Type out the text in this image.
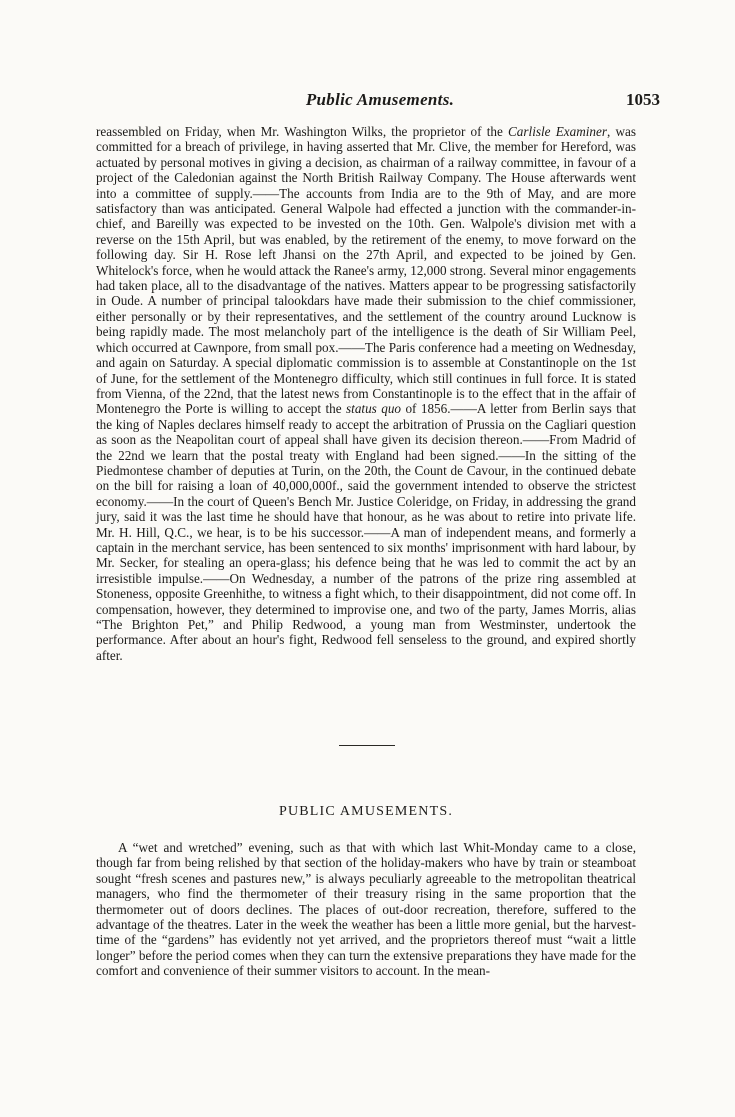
Public Amusements.	1053

reassembled on Friday, when Mr. Washington Wilks, the proprietor of the Carlisle Examiner, was committed for a breach of privilege, in having asserted that Mr. Clive, the member for Hereford, was actuated by personal motives in giving a decision, as chairman of a railway committee, in favour of a project of the Caledonian against the North British Railway Company. The House afterwards went into a committee of supply.——The accounts from India are to the 9th of May, and are more satisfactory than was anticipated. General Walpole had effected a junction with the commander-in-chief, and Bareilly was expected to be invested on the 10th. Gen. Walpole's division met with a reverse on the 15th April, but was enabled, by the retirement of the enemy, to move forward on the following day. Sir H. Rose left Jhansi on the 27th April, and expected to be joined by Gen. Whitelock's force, when he would attack the Ranee's army, 12,000 strong. Several minor engagements had taken place, all to the disadvantage of the natives. Matters appear to be progressing satisfactorily in Oude. A number of principal talookdars have made their submission to the chief commissioner, either personally or by their representatives, and the settlement of the country around Lucknow is being rapidly made. The most melancholy part of the intelligence is the death of Sir William Peel, which occurred at Cawnpore, from small pox.——The Paris conference had a meeting on Wednesday, and again on Saturday. A special diplomatic commission is to assemble at Constantinople on the 1st of June, for the settlement of the Montenegro difficulty, which still continues in full force. It is stated from Vienna, of the 22nd, that the latest news from Constantinople is to the effect that in the affair of Montenegro the Porte is willing to accept the status quo of 1856.——A letter from Berlin says that the king of Naples declares himself ready to accept the arbitration of Prussia on the Cagliari question as soon as the Neapolitan court of appeal shall have given its decision thereon.——From Madrid of the 22nd we learn that the postal treaty with England had been signed.——In the sitting of the Piedmontese chamber of deputies at Turin, on the 20th, the Count de Cavour, in the continued debate on the bill for raising a loan of 40,000,000f., said the government intended to observe the strictest economy.——In the court of Queen's Bench Mr. Justice Coleridge, on Friday, in addressing the grand jury, said it was the last time he should have that honour, as he was about to retire into private life. Mr. H. Hill, Q.C., we hear, is to be his successor.——A man of independent means, and formerly a captain in the merchant service, has been sentenced to six months' imprisonment with hard labour, by Mr. Secker, for stealing an opera-glass; his defence being that he was led to commit the act by an irresistible impulse.——On Wednesday, a number of the patrons of the prize ring assembled at Stoneness, opposite Greenhithe, to witness a fight which, to their disappointment, did not come off. In compensation, however, they determined to improvise one, and two of the party, James Morris, alias “The Brighton Pet,” and Philip Redwood, a young man from Westminster, undertook the performance. After about an hour's fight, Redwood fell senseless to the ground, and expired shortly after.

PUBLIC AMUSEMENTS.

A “wet and wretched” evening, such as that with which last Whit-Monday came to a close, though far from being relished by that section of the holiday-makers who have by train or steamboat sought “fresh scenes and pastures new,” is always peculiarly agreeable to the metropolitan theatrical managers, who find the thermometer of their treasury rising in the same proportion that the thermometer out of doors declines. The places of out-door recreation, therefore, suffered to the advantage of the theatres. Later in the week the weather has been a little more genial, but the harvest-time of the “gardens” has evidently not yet arrived, and the proprietors thereof must “wait a little longer” before the period comes when they can turn the extensive preparations they have made for the comfort and convenience of their summer visitors to account. In the mean-
